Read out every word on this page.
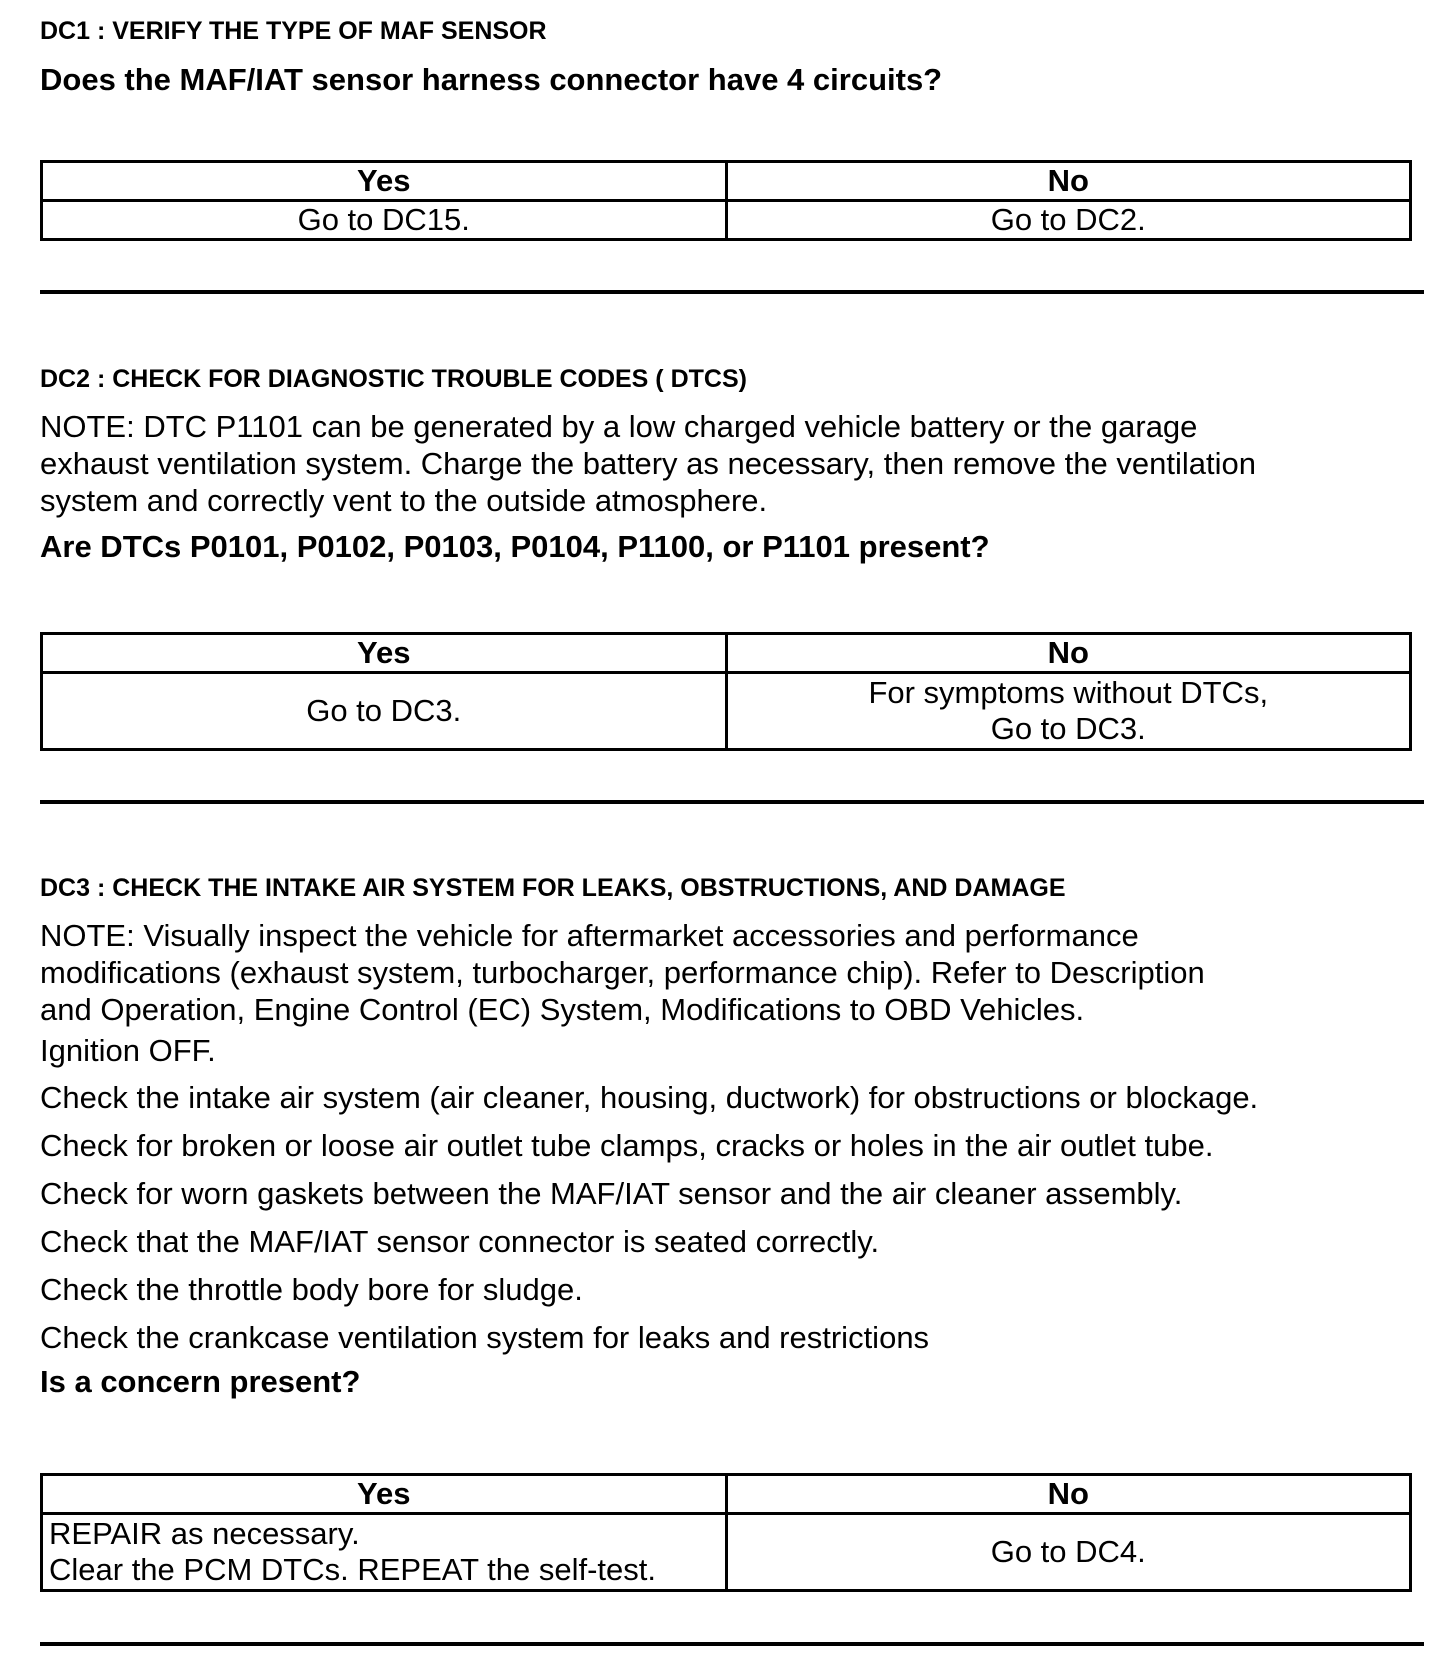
DC1 : VERIFY THE TYPE OF MAF SENSOR

Does the MAF/IAT sensor harness connector have 4 circuits?

Yes	No
Go to DC15.	Go to DC2.

DC2 : CHECK FOR DIAGNOSTIC TROUBLE CODES ( DTCS)

NOTE: DTC P1101 can be generated by a low charged vehicle battery or the garage

exhaust ventilation system. Charge the battery as necessary, then remove the ventilation

system and correctly vent to the outside atmosphere.

Are DTCs P0101, P0102, P0103, P0104, P1100, or P1101 present?

Yes	No
Go to DC3.	For symptoms without DTCs,
Go to DC3.

DC3 : CHECK THE INTAKE AIR SYSTEM FOR LEAKS, OBSTRUCTIONS, AND DAMAGE

NOTE: Visually inspect the vehicle for aftermarket accessories and performance

modifications (exhaust system, turbocharger, performance chip). Refer to Description

and Operation, Engine Control (EC) System, Modifications to OBD Vehicles.

Ignition OFF.

Check the intake air system (air cleaner, housing, ductwork) for obstructions or blockage.

Check for broken or loose air outlet tube clamps, cracks or holes in the air outlet tube.

Check for worn gaskets between the MAF/IAT sensor and the air cleaner assembly.

Check that the MAF/IAT sensor connector is seated correctly.

Check the throttle body bore for sludge.

Check the crankcase ventilation system for leaks and restrictions

Is a concern present?

Yes	No

REPAIR as necessary.
Clear the PCM DTCs. REPEAT the self-test.	Go to DC4.
